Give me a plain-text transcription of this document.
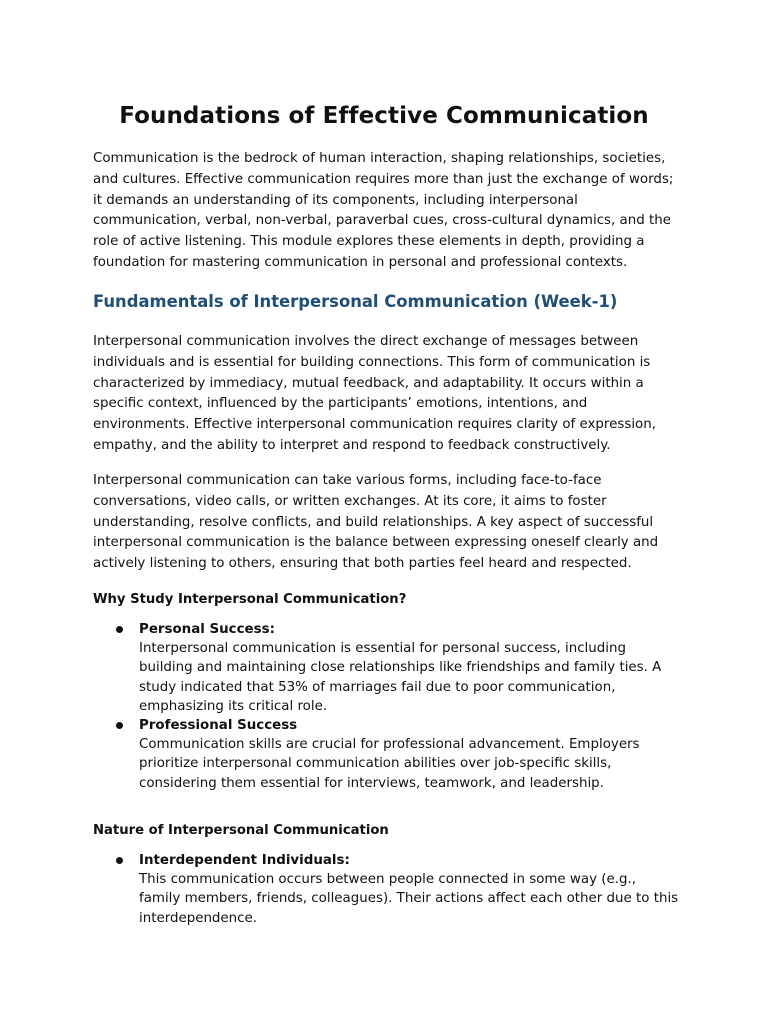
Foundations of Effective Communication

Communication is the bedrock of human interaction, shaping relationships, societies,
and cultures. Effective communication requires more than just the exchange of words;
it demands an understanding of its components, including interpersonal
communication, verbal, non-verbal, paraverbal cues, cross-cultural dynamics, and the
role of active listening. This module explores these elements in depth, providing a
foundation for mastering communication in personal and professional contexts.

Fundamentals of Interpersonal Communication (Week-1)

Interpersonal communication involves the direct exchange of messages between
individuals and is essential for building connections. This form of communication is
characterized by immediacy, mutual feedback, and adaptability. It occurs within a
specific context, influenced by the participants’ emotions, intentions, and
environments. Effective interpersonal communication requires clarity of expression,
empathy, and the ability to interpret and respond to feedback constructively.

Interpersonal communication can take various forms, including face-to-face
conversations, video calls, or written exchanges. At its core, it aims to foster
understanding, resolve conflicts, and build relationships. A key aspect of successful
interpersonal communication is the balance between expressing oneself clearly and
actively listening to others, ensuring that both parties feel heard and respected.

Why Study Interpersonal Communication?
Personal Success:
Interpersonal communication is essential for personal success, including
building and maintaining close relationships like friendships and family ties. A
study indicated that 53% of marriages fail due to poor communication,
emphasizing its critical role.
Professional Success
Communication skills are crucial for professional advancement. Employers
prioritize interpersonal communication abilities over job-specific skills,
considering them essential for interviews, teamwork, and leadership.
Nature of Interpersonal Communication
Interdependent Individuals:
This communication occurs between people connected in some way (e.g.,
family members, friends, colleagues). Their actions affect each other due to this
interdependence.
